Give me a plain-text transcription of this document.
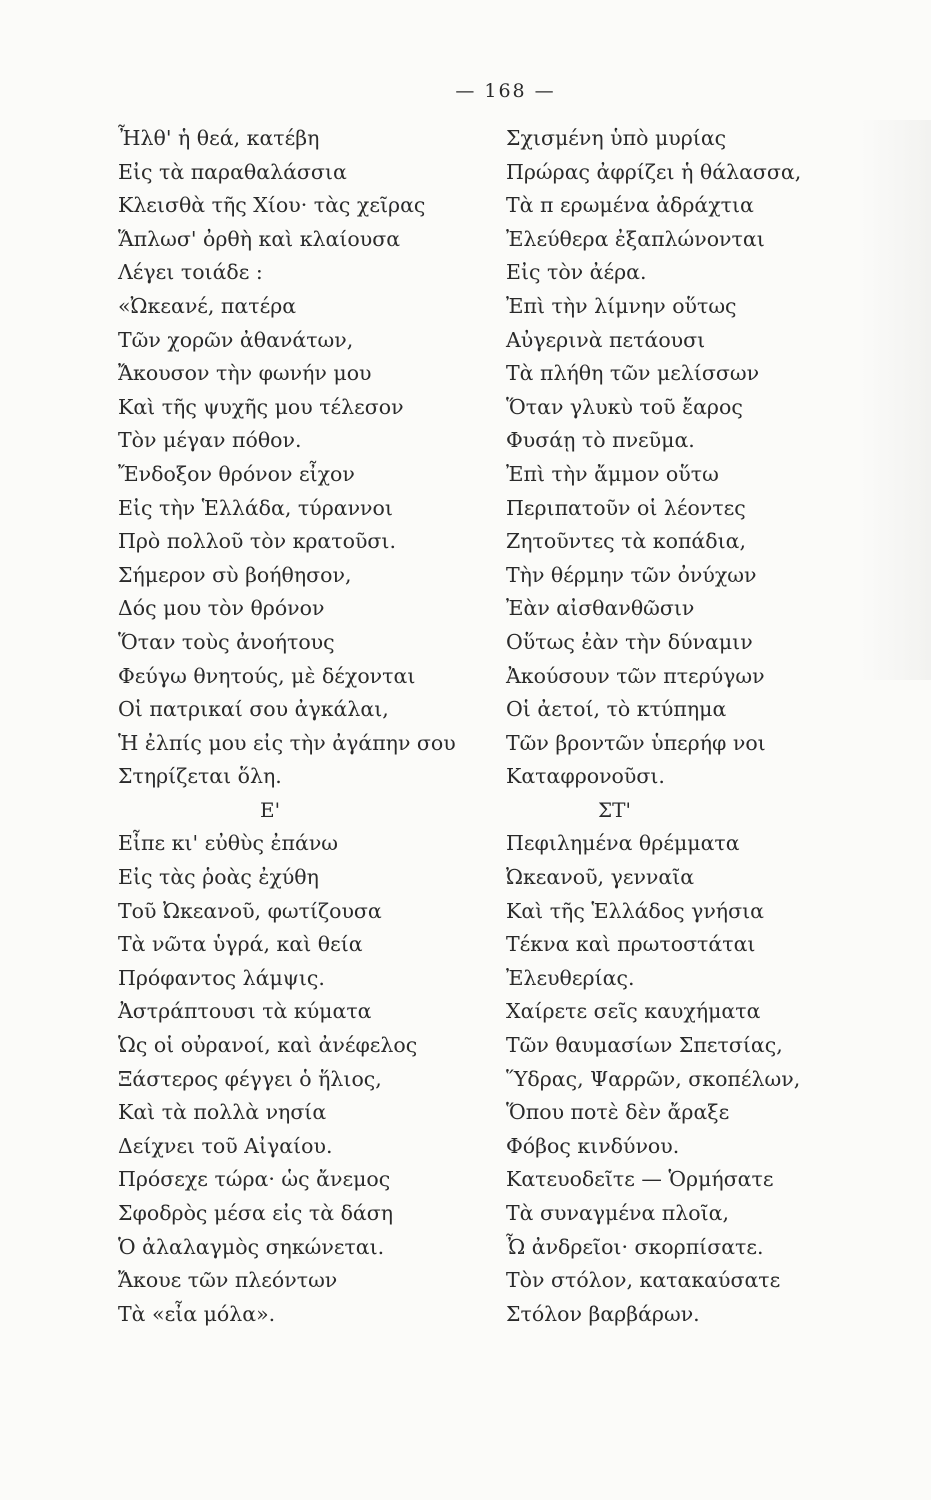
— 168 —
Ἦλθ' ἡ θεά, κατέβη
Εἰς τὰ παραθαλάσσια
Κλεισθὰ τῆς Χίου· τὰς χεῖρας
Ἅπλωσ' ὀρθὴ καὶ κλαίουσα
Λέγει τοιάδε :
«Ὠκεανέ, πατέρα
Τῶν χορῶν ἀθανάτων,
Ἄκουσον τὴν φωνήν μου
Καὶ τῆς ψυχῆς μου τέλεσον
Τὸν μέγαν πόθον.
Ἔνδοξον θρόνον εἶχον
Εἰς τὴν Ἑλλάδα, τύραννοι
Πρὸ πολλοῦ τὸν κρατοῦσι.
Σήμερον σὺ βοήθησον,
Δός μου τὸν θρόνον
Ὅταν τοὺς ἀνοήτους
Φεύγω θνητούς, μὲ δέχονται
Οἱ πατρικαί σου ἀγκάλαι,
Ἡ ἐλπίς μου εἰς τὴν ἀγάπην σου
Στηρίζεται ὅλη.
Ε'
Εἶπε κι' εὐθὺς ἐπάνω
Εἰς τὰς ῥοὰς ἐχύθη
Τοῦ Ὠκεανοῦ, φωτίζουσα
Τὰ νῶτα ὑγρά, καὶ θεία
Πρόφαντος λάμψις.
Ἀστράπτουσι τὰ κύματα
Ὡς οἱ οὐρανοί, καὶ ἀνέφελος
Ξάστερος φέγγει ὁ ἥλιος,
Καὶ τὰ πολλὰ νησία
Δείχνει τοῦ Αἰγαίου.
Πρόσεχε τώρα· ὡς ἄνεμος
Σφοδρὸς μέσα εἰς τὰ δάση
Ὁ ἀλαλαγμὸς σηκώνεται.
Ἄκουε τῶν πλεόντων
Τὰ «εἶα μόλα».
Σχισμένη ὑπὸ μυρίας
Πρώρας ἀφρίζει ἡ θάλασσα,
Τὰ π ερωμένα ἀδράχτια
Ἐλεύθερα ἐξαπλώνονται
Εἰς τὸν ἀέρα.
Ἐπὶ τὴν λίμνην οὕτως
Αὐγερινὰ πετάουσι
Τὰ πλήθη τῶν μελίσσων
Ὅταν γλυκὺ τοῦ ἔαρος
Φυσάῃ τὸ πνεῦμα.
Ἐπὶ τὴν ἄμμον οὕτω
Περιπατοῦν οἱ λέοντες
Ζητοῦντες τὰ κοπάδια,
Τὴν θέρμην τῶν ὀνύχων
Ἐὰν αἰσθανθῶσιν
Οὕτως ἐὰν τὴν δύναμιν
Ἀκούσουν τῶν πτερύγων
Οἱ ἀετοί, τὸ κτύπημα
Τῶν βροντῶν ὑπερήφ νοι
Καταφρονοῦσι.
ΣΤ'
Πεφιλημένα θρέμματα
Ὠκεανοῦ, γενναῖα
Καὶ τῆς Ἑλλάδος γνήσια
Τέκνα καὶ πρωτοστάται
Ἐλευθερίας.
Χαίρετε σεῖς καυχήματα
Τῶν θαυμασίων Σπετσίας,
Ὕδρας, Ψαρρῶν, σκοπέλων,
Ὅπου ποτὲ δὲν ἄραξε
Φόβος κινδύνου.
Κατευοδεῖτε — Ὁρμήσατε
Τὰ συναγμένα πλοῖα,
Ὦ ἀνδρεῖοι· σκορπίσατε.
Τὸν στόλον, κατακαύσατε
Στόλον βαρβάρων.
